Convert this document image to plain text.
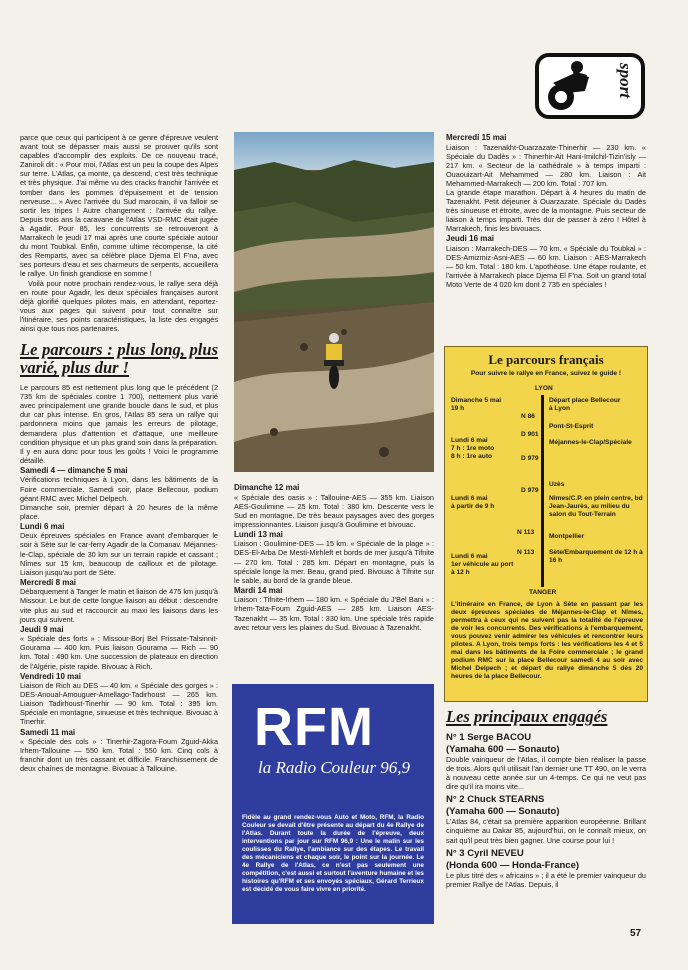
sport

parce que ceux qui participent à ce genre d'épreuve veulent avant tout se dépasser mais aussi se prouver qu'ils sont capables d'accomplir des exploits. De ce nouveau tracé, Zaniroli dit : « Pour moi, l'Atlas est un peu la coupe des Alpes sur terre. L'Atlas, ça monte, ça descend, c'est très technique et très physique. J'ai même vu des cracks franchir l'arrivée et tomber dans les pommes d'épuisement et de tension nerveuse... » Avec l'arrivée du Sud marocain, il va falloir se sortir les tripes ! Autre changement : l'arrivée du rallye. Depuis trois ans la caravane de l'Atlas VSD-RMC était jugée à Agadir. Pour 85, les concurrents se retrouveront à Marrakech le jeudi 17 mai après une courte spéciale autour du mont Toubkal. Enfin, comme ultime récompense, la cité des Remparts, avec sa célèbre place Djema El F'na, avec ses porteurs d'eau et ses charmeurs de serpents, accueillera le rallye. Un finish grandiose en somme !

Voilà pour notre prochain rendez-vous, le rallye sera déjà en route pour Agadir, les deux spéciales françaises auront déjà glorifié quelques pilotes mais, en attendant, reportez-vous aux pages qui suivent pour tout connaître sur l'itinéraire, ses points caractéristiques, la liste des engagés ainsi que tous nos partenaires.

Le parcours : plus long, plus varié, plus dur !

Le parcours 85 est nettement plus long que le précédent (2 735 km de spéciales contre 1 700), nettement plus varié avec principalement une grande boucle dans le sud, et plus dur car plus intense. En gros, l'Atlas 85 sera un rallye qui pardonnera moins que jamais les erreurs de pilotage, demandera plus d'attention et d'attaque, une meilleure condition physique et un plus grand soin dans la préparation. Il y en aura donc pour tous les goûts ! Voici le programme détaillé.

Samedi 4 — dimanche 5 mai

Vérifications techniques à Lyon, dans les bâtiments de la Foire commerciale. Samedi soir, place Bellecour, podium géant RMC avec Michel Delpech.

Dimanche soir, premier départ à 20 heures de la même place.

Lundi 6 mai

Deux épreuves spéciales en France avant d'embarquer le soir à Sète sur le car-ferry Agadir de la Comanav. Méjannes-le-Clap, spéciale de 30 km sur un terrain rapide et cassant ; Nîmes sur 15 km, beaucoup de cailloux et de pilotage. Liaison jusqu'au port de Sète.

Mercredi 8 mai

Débarquement à Tanger le matin et liaison de 475 km jusqu'à Missour. Le but de cette longue liaison au début : descendre vite plus au sud et raccourcir au maxi les liaisons dans les jours qui suivent.

Jeudi 9 mai

« Spéciale des forts » : Missour-Borj Bel Frissate-Talsinnit-Gourama — 400 km. Puis liaison Gourama — Rich — 90 km. Total : 490 km. Une succession de plateaux en direction de l'Algérie, piste rapide. Bivouac à Rich.

Vendredi 10 mai

Liaison de Rich au DES — 40 km. « Spéciale des gorges » : DES-Anoual-Amouguer-Amellago-Tadirhoust — 265 km. Liaison Tadirhoust-Tinerhir — 90 km. Total : 395 km. Spéciale en montagne, sinueuse et très technique. Bivouac à Tinerhir.

Samedi 11 mai

« Spéciale des cols » : Tinerhir-Zagora-Foum Zguid-Akka Irhem-Tallouine — 550 km. Total : 550 km. Cinq cols à franchir dont un très cassant et difficile. Franchissement de deux chaînes de montagne. Bivouac à Tallouine.

Dimanche 12 mai

« Spéciale des oasis » : Tallouine-AES — 355 km. Liaison AES-Goulimine — 25 km. Total : 380 km. Descente vers le Sud en montagne. De très beaux paysages avec des gorges impressionnantes. Liaison jusqu'à Goulimine et bivouac.

Lundi 13 mai

Liaison : Goulimine-DES — 15 km. « Spéciale de la plage » : DES-El-Arba De Mesti-Mirhleft et bords de mer jusqu'à Tifnite — 270 km. Total : 285 km. Départ en montagne, puis la spéciale longe la mer. Beau, grand pied. Bivouac à Tifnite sur le sable, au bord de la grande bleue.

Mardi 14 mai

Liaison : Tifnite-Irhem — 180 km. « Spéciale du J'Bel Bani » : Irhem-Tata-Foum Zguid-AES — 285 km. Liaison AES-Tazenakht — 35 km. Total : 330 km. Une spéciale très rapide avec retour vers les plaines du Sud. Bivouac à Tazenakht.

RFM
la Radio Couleur 96,9
Fidèle au grand rendez-vous Auto et Moto, RFM, la Radio Couleur se devait d'être présente au départ du 4e Rallye de l'Atlas. Durant toute la durée de l'épreuve, deux interventions par jour sur RFM 96,9 : Une le matin sur les coulisses du Rallye, l'ambiance sur des étapes. Le travail des mécaniciens et chaque soir, le point sur la journée. Le 4e Rallye de l'Atlas, ce n'est pas seulement une compétition, c'est aussi et surtout l'aventure humaine et les histoires qu'RFM et ses envoyés spéciaux, Gérard Terrieux est décidé de vous faire vivre en priorité.
Mercredi 15 mai

Liaison : Tazenakht-Ouarzazate-Thinerhir — 230 km. « Spéciale du Dadès » : Thinerhir-Ait Hani-Imilchil-Tizin'isly — 217 km. « Secteur de la cathédrale » à temps imparti : Ouaouizart-Ait Mehammed — 280 km. Liaison : Ait Mehammed-Marrakech — 200 km. Total : 707 km.

La grande étape marathon. Départ à 4 heures du matin de Tazenakht. Petit déjeuner à Ouarzazate. Spéciale du Dadès très sinueuse et étroite, avec de la montagne. Puis secteur de liaison à temps imparti. Très dur de passer à zéro ! Hôtel à Marrakech, finis les bivouacs.

Jeudi 16 mai

Liaison : Marrakech-DES — 70 km. « Spéciale du Toubkal » : DES-Amizmiz-Asni-AES — 60 km. Liaison : AES-Marrakech — 50 km. Total : 180 km. L'apothéose. Une étape roulante, et l'arrivée à Marrakech place Djema El F'na. Soit un grand total Moto Verte de 4 020 km dont 2 735 en spéciales !

Le parcours français
Pour suivre le rallye en France, suivez le guide !
LYON
TANGER
Dimanche 5 mai
19 h
Lundi 6 mai
7 h : 1re moto
8 h : 1re auto
Lundi 6 mai
à partir de 9 h
Lundi 6 mai
1er véhicule au port
à 12 h
N 86
D 901
D 979
D 979
N 113
N 113
Départ place Bellecour
à Lyon
Pont-St-Esprit
Méjannes-le-Clap/Spéciale
Uzès
Nîmes/C.P. en plein centre, bd Jean-Jaurès, au milieu du salon du Tout-Terrain
Montpellier
Sète/Embarquement de 12 h à 16 h
L'itinéraire en France, de Lyon à Sète en passant par les deux épreuves spéciales de Méjannes-le-Clap et Nîmes, permettra à ceux qui ne suivent pas la totalité de l'épreuve de voir les concurrents. Des vérifications à l'embarquement, vous pouvez venir admirer les véhicules et rencontrer leurs pilotes. A Lyon, trois temps forts : les vérifications les 4 et 5 mai dans les bâtiments de la Foire commerciale ; le grand podium RMC sur la place Bellecour samedi 4 au soir avec Michel Delpech ; et départ du rallye dimanche 5 dès 20 heures de la place Bellecour.
Les principaux engagés
N° 1 Serge BACOU
(Yamaha 600 — Sonauto)

Double vainqueur de l'Atlas, il compte bien réaliser la passe de trois. Alors qu'il utilisait l'an dernier une TT 490, on le verra à nouveau cette année sur un 4-temps. Ce qui ne veut pas dire qu'il ira moins vite...

N° 2 Chuck STEARNS
(Yamaha 600 — Sonauto)

L'Atlas 84, c'était sa première apparition européenne. Brillant cinquième au Dakar 85, aujourd'hui, on le connaît mieux, on sait qu'il peut très bien gagner. Une course pour lui !

N° 3 Cyril NEVEU
(Honda 600 — Honda-France)

Le plus titré des « africains » ; il a été le premier vainqueur du premier Rallye de l'Atlas. Depuis, il

57
